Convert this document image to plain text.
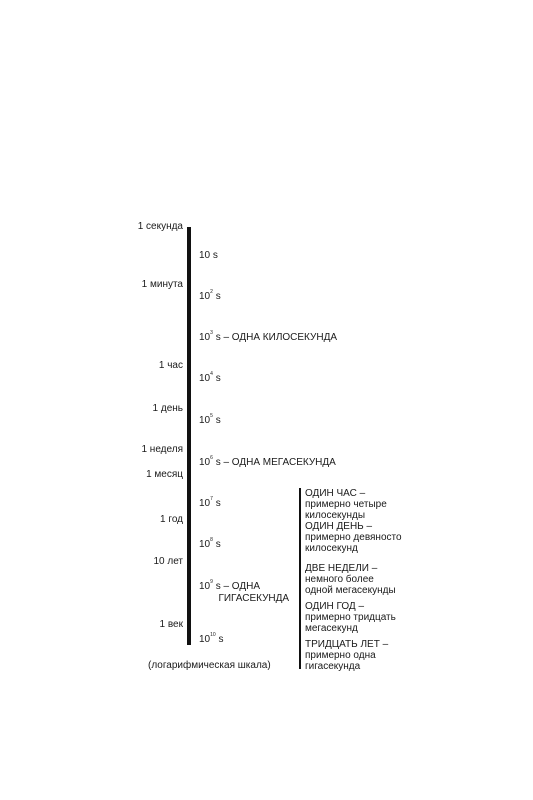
1 секунда
1 минута
1 час
1 день
1 неделя
1 месяц
1 год
10 лет
1 век
10 s
$10^2$ s
$10^3$ s – ОДНА КИЛОСЕКУНДА
$10^4$ s
$10^5$ s
$10^6$ s – ОДНА МЕГАСЕКУНДА
$10^7$ s
$10^8$ s
$10^9$ s – ОДНА
ГИГАСЕКУНДА
$10^{10}$ s
ОДИН ЧАС –
примерно четыре
килосекунды
ОДИН ДЕНЬ –
примерно девяносто
килосекунд
ДВЕ НЕДЕЛИ –
немного более
одной мегасекунды
ОДИН ГОД –
примерно тридцать
мегасекунд
ТРИДЦАТЬ ЛЕТ –
примерно одна
гигасекунда
(логарифмическая шкала)
